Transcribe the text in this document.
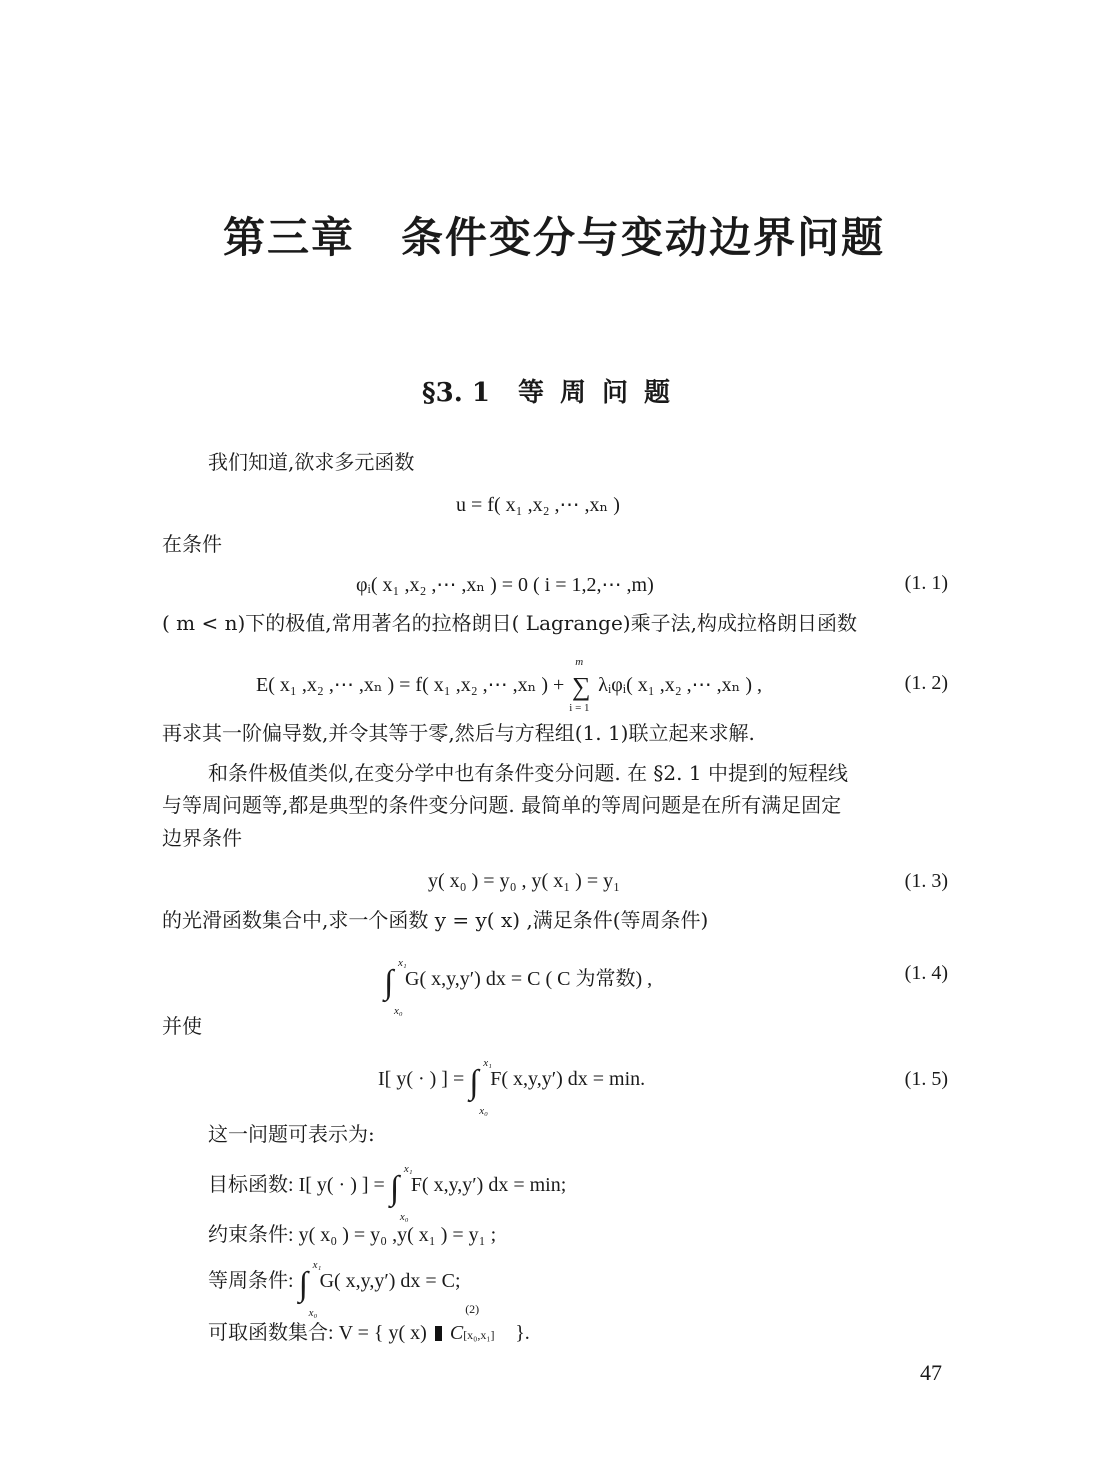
第三章 条件变分与变动边界问题
§3. 1 等周问题
我们知道,欲求多元函数
u = f( x₁ ,x₂ ,⋯ ,xₙ )
在条件
φᵢ( x₁ ,x₂ ,⋯ ,xₙ ) = 0 ( i = 1,2,⋯ ,m)	(1. 1)
( m < n)下的极值,常用著名的拉格朗日( Lagrange)乘子法,构成拉格朗日函数
E( x₁ ,x₂ ,⋯ ,xₙ ) = f( x₁ ,x₂ ,⋯ ,xₙ ) + ∑
m
i = 1
λᵢφᵢ( x₁ ,x₂ ,⋯ ,xₙ ) ,	(1. 2)
再求其一阶偏导数,并令其等于零,然后与方程组(1. 1)联立起来求解.
和条件极值类似,在变分学中也有条件变分问题. 在 §2. 1 中提到的短程线
与等周问题等,都是典型的条件变分问题. 最简单的等周问题是在所有满足固定
边界条件
y( x₀ ) = y₀ , y( x₁ ) = y₁	(1. 3)
的光滑函数集合中,求一个函数 y = y( x) ,满足条件(等周条件)
∫
x₁
x₀
G( x,y,y′) dx = C ( C 为常数) ,	(1. 4)
并使
I[ y( · ) ] = ∫
x₁
x₀
F( x,y,y′) dx = min.	(1. 5)
这一问题可表示为:
目标函数: I[ y( · ) ] = ∫
x₁
x₀
F( x,y,y′) dx = min;
约束条件: y( x₀ ) = y₀ ,y( x₁ ) = y₁ ;
等周条件: ∫
x₁
x₀
G( x,y,y′) dx = C;
可取函数集合: V = { y( x) C
(2)
[x₀,x₁] }.
47
